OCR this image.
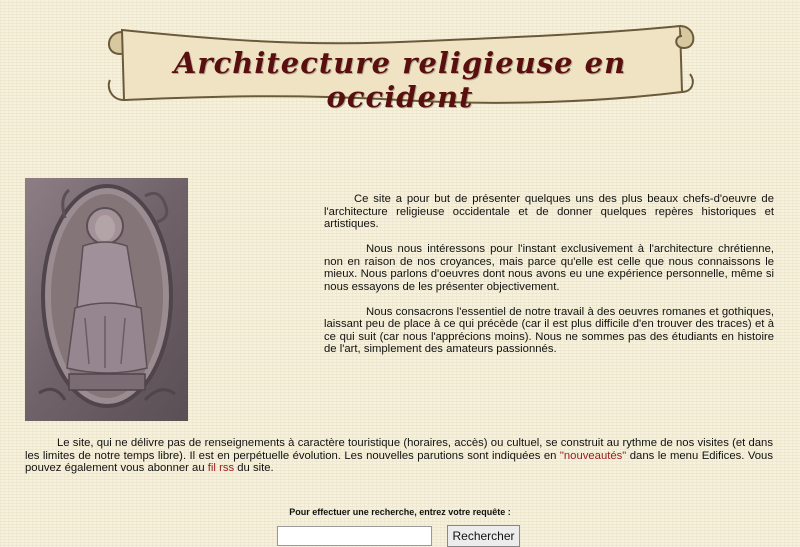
Architecture religieuse en occident

Ce site a pour but de présenter quelques uns des plus beaux chefs-d'oeuvre de l'architecture religieuse occidentale et de donner quelques repères historiques et artistiques.

Nous nous intéressons pour l'instant exclusivement à l'architecture chrétienne, non en raison de nos croyances, mais parce qu'elle est celle que nous connaissons le mieux. Nous parlons d'oeuvres dont nous avons eu une expérience personnelle, même si nous essayons de les présenter objectivement.

Nous consacrons l'essentiel de notre travail à des oeuvres romanes et gothiques, laissant peu de place à ce qui précède (car il est plus difficile d'en trouver des traces) et à ce qui suit (car nous l'apprécions moins). Nous ne sommes pas des étudiants en histoire de l'art, simplement des amateurs passionnés.

Le site, qui ne délivre pas de renseignements à caractère touristique (horaires, accès) ou cultuel, se construit au rythme de nos visites (et dans les limites de notre temps libre). Il est en perpétuelle évolution. Les nouvelles parutions sont indiquées en "nouveautés" dans le menu Edifices. Vous pouvez également vous abonner au fil rss du site.

Pour effectuer une recherche, entrez votre requête :
Rechercher
